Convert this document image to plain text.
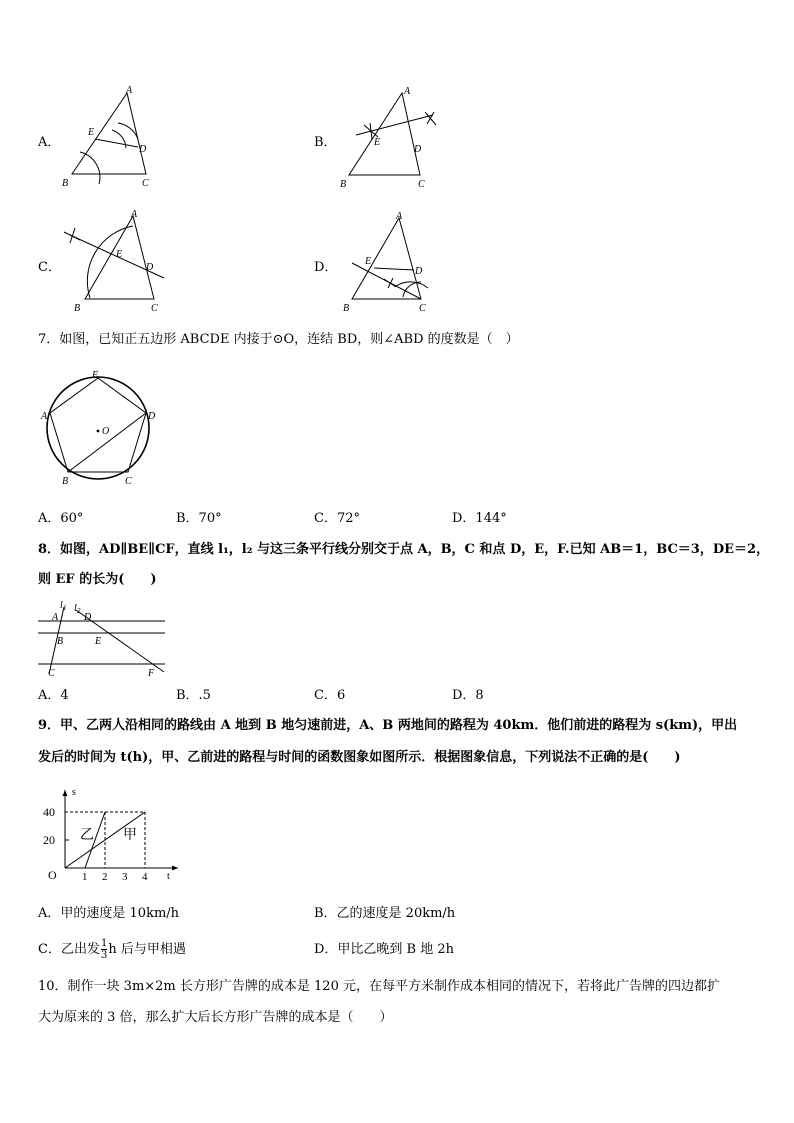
A．
A
E
D
B	C
B．
A
E
D
B	C
C．
A
E
D
B	C
D．
A
E
D
B	C
7．如图，已知正五边形 ABCDE 内接于⊙O，连结 BD，则∠ABD 的度数是（　）
E
D
A
B	C
O
A．60°	B．70°	C．72°	D．144°
8．如图，AD∥BE∥CF，直线 l₁，l₂ 与这三条平行线分别交于点 A，B，C 和点 D，E，F.已知 AB＝1，BC＝3，DE＝2，
则 EF 的长为(　　)
l 1 l 2
A	D
B	E
C	F
A．4	B．.5	C．6	D．8
9．甲、乙两人沿相同的路线由 A 地到 B 地匀速前进，A、B 两地间的路程为 40km．他们前进的路程为 s(km)，甲出
发后的时间为 t(h)，甲、乙前进的路程与时间的函数图象如图所示．根据图象信息，下列说法不正确的是(　　)
s
t
O
40
20
1 2 3 4
乙 甲
A．甲的速度是 10km/h	B．乙的速度是 20km/h
C．乙出发 $\frac{1}{3}$ h 后与甲相遇	D．甲比乙晚到 B 地 2h
10．制作一块 3m×2m 长方形广告牌的成本是 120 元，在每平方米制作成本相同的情况下，若将此广告牌的四边都扩
大为原来的 3 倍，那么扩大后长方形广告牌的成本是（　　）
